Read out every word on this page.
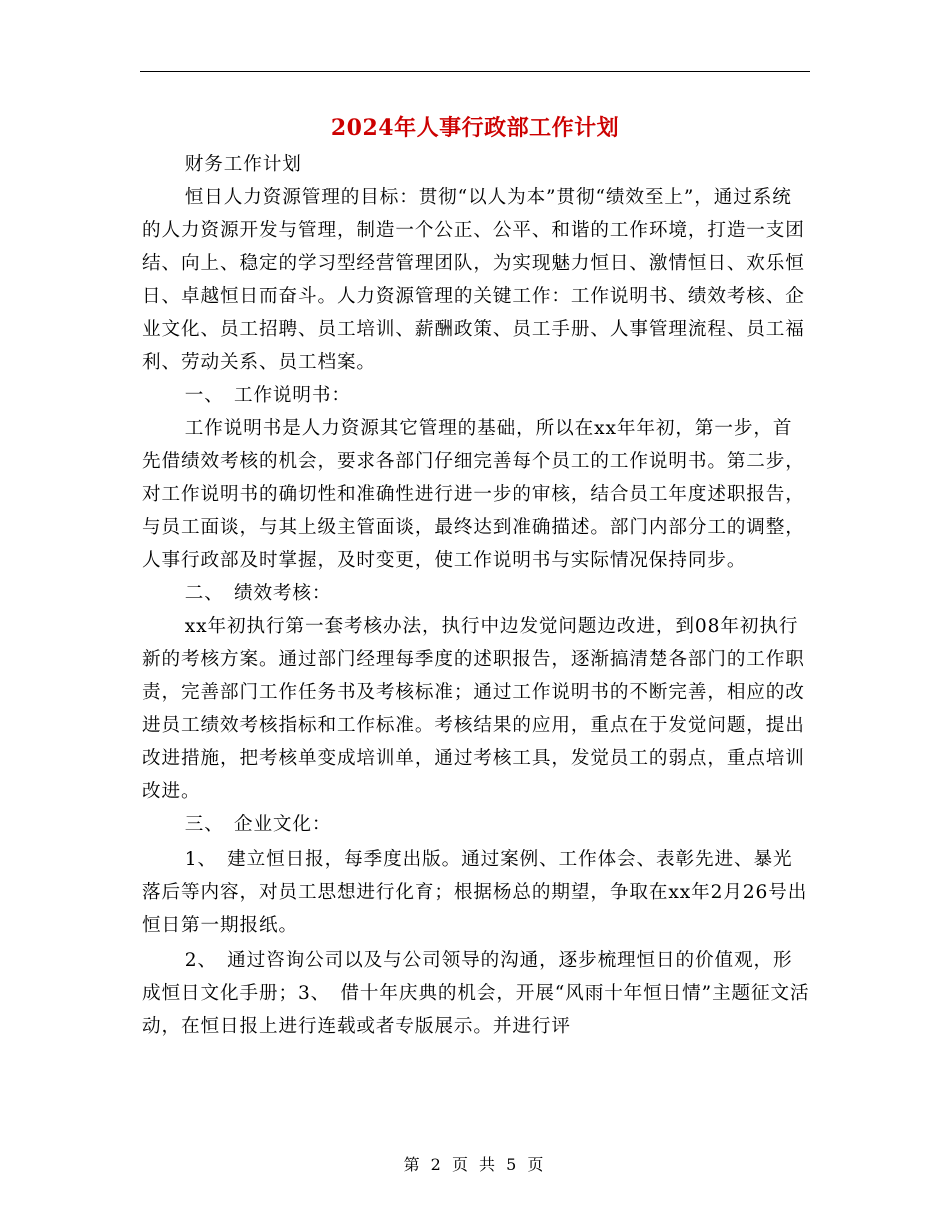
2024年人事行政部工作计划

财务工作计划

恒日人力资源管理的目标：贯彻“以人为本”贯彻“绩效至上”，通过系统的人力资源开发与管理，制造一个公正、公平、和谐的工作环境，打造一支团结、向上、稳定的学习型经营管理团队，为实现魅力恒日、激情恒日、欢乐恒日、卓越恒日而奋斗。人力资源管理的关键工作：工作说明书、绩效考核、企业文化、员工招聘、员工培训、薪酬政策、员工手册、人事管理流程、员工福利、劳动关系、员工档案。

一、　工作说明书：

工作说明书是人力资源其它管理的基础，所以在xx年年初，第一步，首先借绩效考核的机会，要求各部门仔细完善每个员工的工作说明书。第二步，对工作说明书的确切性和准确性进行进一步的审核，结合员工年度述职报告，与员工面谈，与其上级主管面谈，最终达到准确描述。部门内部分工的调整，人事行政部及时掌握，及时变更，使工作说明书与实际情况保持同步。

二、　绩效考核：

xx年初执行第一套考核办法，执行中边发觉问题边改进，到08年初执行新的考核方案。通过部门经理每季度的述职报告，逐渐搞清楚各部门的工作职责，完善部门工作任务书及考核标准；通过工作说明书的不断完善，相应的改进员工绩效考核指标和工作标准。考核结果的应用，重点在于发觉问题，提出改进措施，把考核单变成培训单，通过考核工具，发觉员工的弱点，重点培训改进。

三、　企业文化：

1、　建立恒日报，每季度出版。通过案例、工作体会、表彰先进、暴光落后等内容，对员工思想进行化育；根据杨总的期望，争取在xx年2月26号出恒日第一期报纸。

2、　通过咨询公司以及与公司领导的沟通，逐步梳理恒日的价值观，形成恒日文化手册；3、　借十年庆典的机会，开展“风雨十年恒日情”主题征文活动，在恒日报上进行连载或者专版展示。并进行评

第 2 页 共 5 页
